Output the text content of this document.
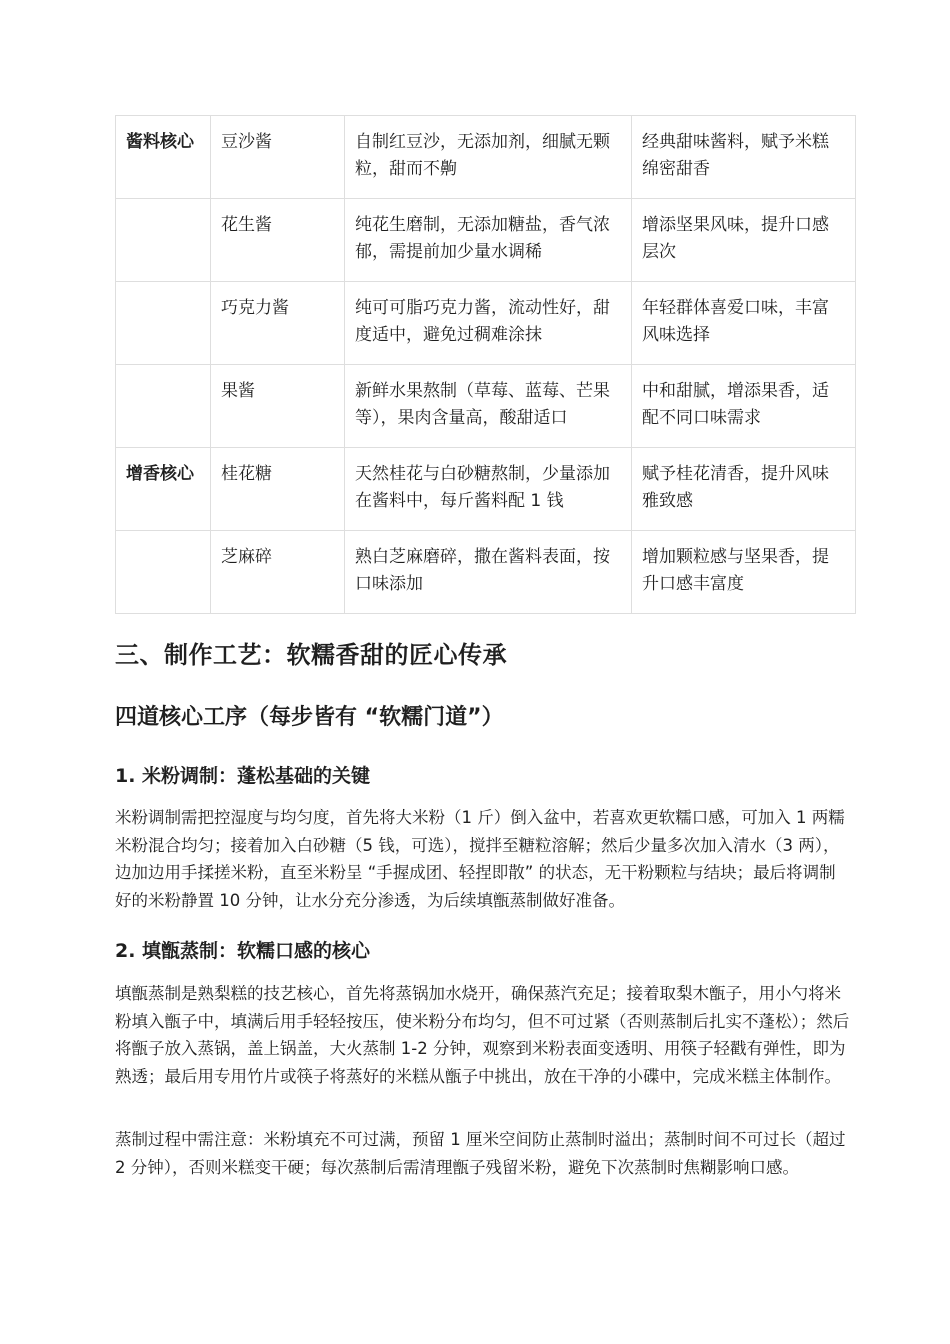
酱料核心	豆沙酱	自制红豆沙，无添加剂，细腻无颗粒，甜而不齁	经典甜味酱料，赋予米糕绵密甜香
	花生酱	纯花生磨制，无添加糖盐，香气浓郁，需提前加少量水调稀	增添坚果风味，提升口感层次
	巧克力酱	纯可可脂巧克力酱，流动性好，甜度适中，避免过稠难涂抹	年轻群体喜爱口味，丰富风味选择
	果酱	新鲜水果熬制（草莓、蓝莓、芒果等），果肉含量高，酸甜适口	中和甜腻，增添果香，适配不同口味需求
增香核心	桂花糖	天然桂花与白砂糖熬制，少量添加在酱料中，每斤酱料配 1 钱	赋予桂花清香，提升风味雅致感
	芝麻碎	熟白芝麻磨碎，撒在酱料表面，按口味添加	增加颗粒感与坚果香，提升口感丰富度
三、制作工艺：软糯香甜的匠心传承
四道核心工序（每步皆有 “软糯门道”）
1. 米粉调制：蓬松基础的关键

米粉调制需把控湿度与均匀度，首先将大米粉（1 斤）倒入盆中，若喜欢更软糯口感，可加入 1 两糯米粉混合均匀；接着加入白砂糖（5 钱，可选），搅拌至糖粒溶解；然后少量多次加入清水（3 两），边加边用手揉搓米粉，直至米粉呈 “手握成团、轻捏即散” 的状态，无干粉颗粒与结块；最后将调制好的米粉静置 10 分钟，让水分充分渗透，为后续填甑蒸制做好准备。

2. 填甑蒸制：软糯口感的核心

填甑蒸制是熟梨糕的技艺核心，首先将蒸锅加水烧开，确保蒸汽充足；接着取梨木甑子，用小勺将米粉填入甑子中，填满后用手轻轻按压，使米粉分布均匀，但不可过紧（否则蒸制后扎实不蓬松）；然后将甑子放入蒸锅，盖上锅盖，大火蒸制 1-2 分钟，观察到米粉表面变透明、用筷子轻戳有弹性，即为熟透；最后用专用竹片或筷子将蒸好的米糕从甑子中挑出，放在干净的小碟中，完成米糕主体制作。

蒸制过程中需注意：米粉填充不可过满，预留 1 厘米空间防止蒸制时溢出；蒸制时间不可过长（超过 2 分钟），否则米糕变干硬；每次蒸制后需清理甑子残留米粉，避免下次蒸制时焦糊影响口感。
